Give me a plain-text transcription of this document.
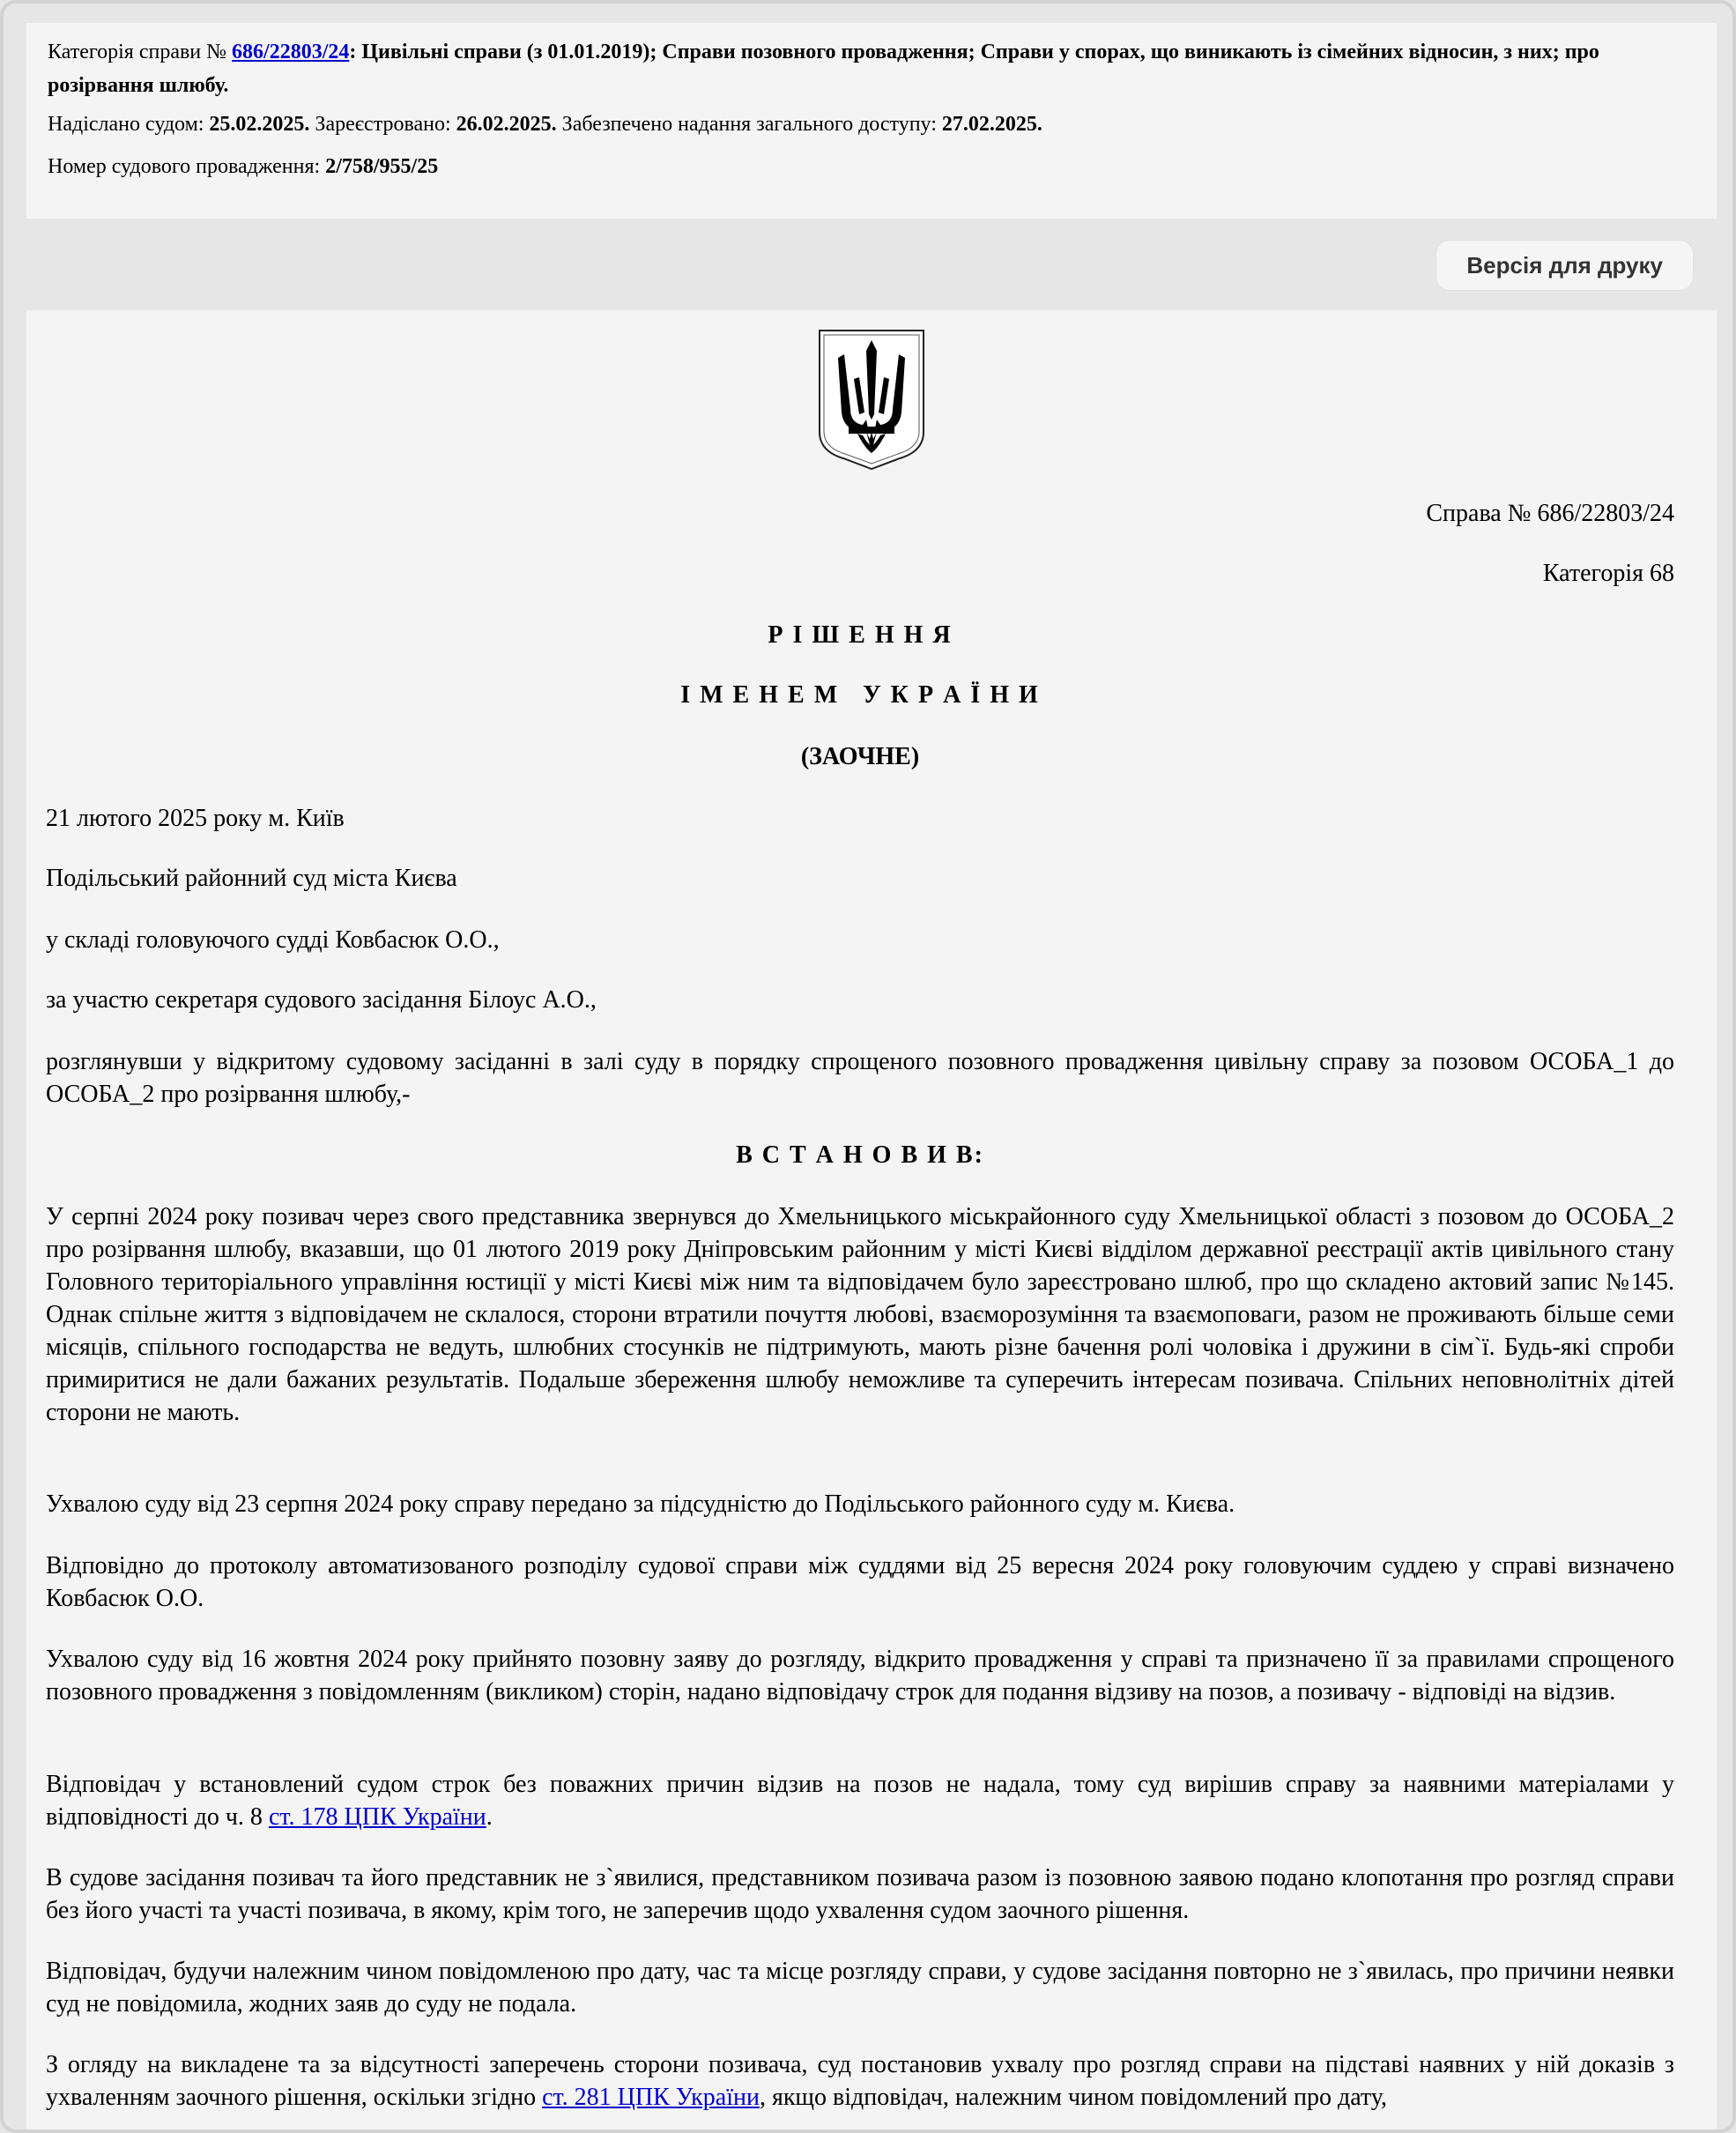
Категорія справи № 686/22803/24: Цивільні справи (з 01.01.2019); Справи позовного провадження; Справи у спорах, що виникають із сімейних відносин, з них; про розірвання шлюбу.
Надіслано судом: 25.02.2025. Зареєстровано: 26.02.2025. Забезпечено надання загального доступу: 27.02.2025.
Номер судового провадження: 2/758/955/25
Версія для друку

Справа № 686/22803/24

Категорія 68

Р І Ш Е Н Н Я

І М Е Н Е М   У К Р А Ї Н И

(ЗАОЧНЕ)

21 лютого 2025 року м. Київ

Подільський районний суд міста Києва

у складі головуючого судді Ковбасюк О.О.,

за участю секретаря судового засідання Білоус А.О.,

розглянувши у відкритому судовому засіданні в залі суду в порядку спрощеного позовного провадження цивільну справу за позовом ОСОБА_1 до ОСОБА_2 про розірвання шлюбу,-

В С Т А Н О В И В:

У серпні 2024 року позивач через свого представника звернувся до Хмельницького міськрайонного суду Хмельницької області з позовом до ОСОБА_2 про розірвання шлюбу, вказавши, що 01 лютого 2019 року Дніпровським районним у місті Києві відділом державної реєстрації актів цивільного стану Головного територіального управління юстиції у місті Києві між ним та відповідачем було зареєстровано шлюб, про що складено актовий запис №145. Однак спільне життя з відповідачем не склалося, сторони втратили почуття любові, взаєморозуміння та взаємоповаги, разом не проживають більше семи місяців, спільного господарства не ведуть, шлюбних стосунків не підтримують, мають різне бачення ролі чоловіка і дружини в сім`ї. Будь-які спроби примиритися не дали бажаних результатів. Подальше збереження шлюбу неможливе та суперечить інтересам позивача. Спільних неповнолітніх дітей сторони не мають.

Ухвалою суду від 23 серпня 2024 року справу передано за підсудністю до Подільського районного суду м. Києва.

Відповідно до протоколу автоматизованого розподілу судової справи між суддями від 25 вересня 2024 року головуючим суддею у справі визначено Ковбасюк О.О.

Ухвалою суду від 16 жовтня 2024 року прийнято позовну заяву до розгляду, відкрито провадження у справі та призначено її за правилами спрощеного позовного провадження з повідомленням (викликом) сторін, надано відповідачу строк для подання відзиву на позов, а позивачу - відповіді на відзив.

Відповідач у встановлений судом строк без поважних причин відзив на позов не надала, тому суд вирішив справу за наявними матеріалами у відповідності до ч. 8 ст. 178 ЦПК України.

В судове засідання позивач та його представник не з`явилися, представником позивача разом із позовною заявою подано клопотання про розгляд справи без його участі та участі позивача, в якому, крім того, не заперечив щодо ухвалення судом заочного рішення.

Відповідач, будучи належним чином повідомленою про дату, час та місце розгляду справи, у судове засідання повторно не з`явилась, про причини неявки суд не повідомила, жодних заяв до суду не подала.

З огляду на викладене та за відсутності заперечень сторони позивача, суд постановив ухвалу про розгляд справи на підставі наявних у ній доказів з ухваленням заочного рішення, оскільки згідно ст. 281 ЦПК України, якщо відповідач, належним чином повідомлений про дату,
